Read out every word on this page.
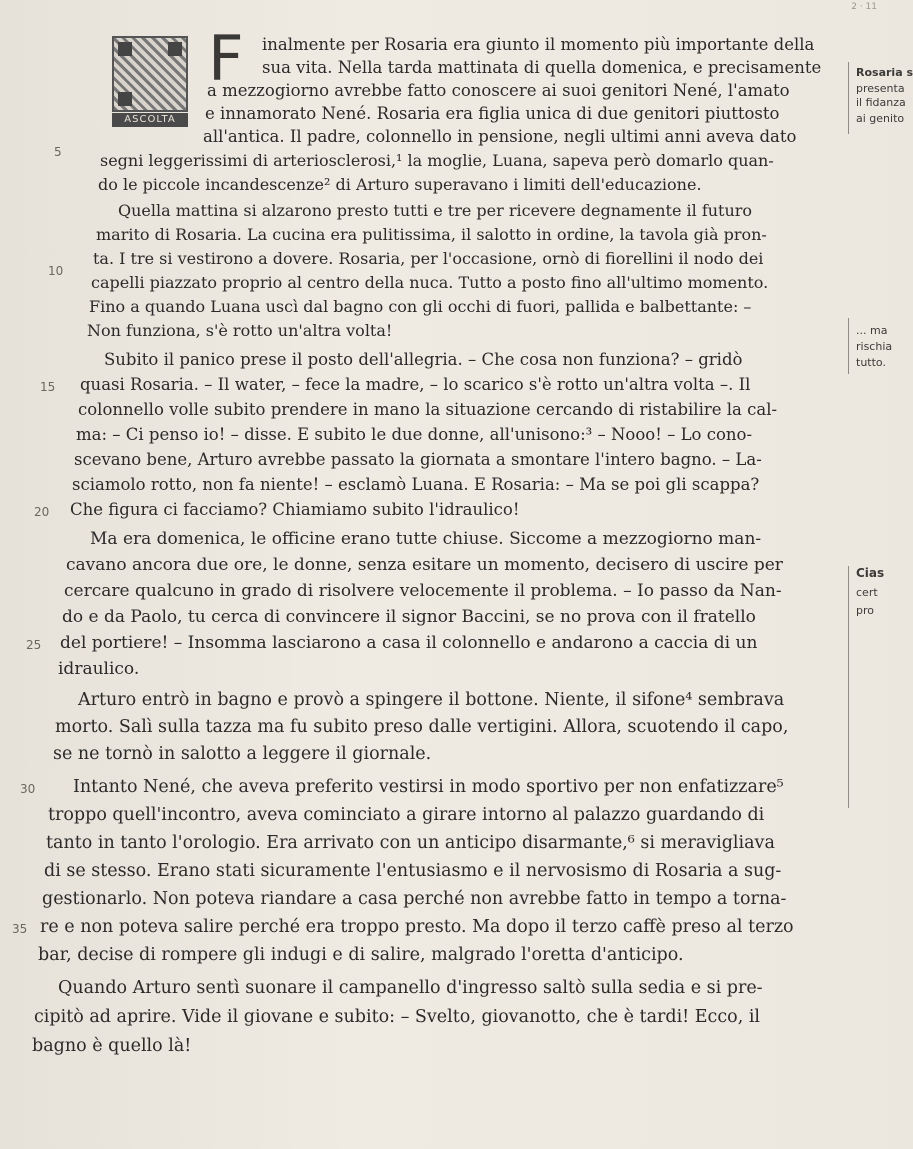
2 · 11
ASCOLTA
F inalmente per Rosaria era giunto il momento più importante della
sua vita. Nella tarda mattinata di quella domenica, e precisamente
a mezzogiorno avrebbe fatto conoscere ai suoi genitori Nené, l'amato
e innamorato Nené. Rosaria era figlia unica di due genitori piuttosto
all'antica. Il padre, colonnello in pensione, negli ultimi anni aveva dato
segni leggerissimi di arteriosclerosi,¹ la moglie, Luana, sapeva però domarlo quan-
do le piccole incandescenze² di Arturo superavano i limiti dell'educazione.
Quella mattina si alzarono presto tutti e tre per ricevere degnamente il futuro
marito di Rosaria. La cucina era pulitissima, il salotto in ordine, la tavola già pron-
ta. I tre si vestirono a dovere. Rosaria, per l'occasione, ornò di fiorellini il nodo dei
capelli piazzato proprio al centro della nuca. Tutto a posto fino all'ultimo momento.
Fino a quando Luana uscì dal bagno con gli occhi di fuori, pallida e balbettante: –
Non funziona, s'è rotto un'altra volta!
Subito il panico prese il posto dell'allegria. – Che cosa non funziona? – gridò
quasi Rosaria. – Il water, – fece la madre, – lo scarico s'è rotto un'altra volta –. Il
colonnello volle subito prendere in mano la situazione cercando di ristabilire la cal-
ma: – Ci penso io! – disse. E subito le due donne, all'unisono:³ – Nooo! – Lo cono-
scevano bene, Arturo avrebbe passato la giornata a smontare l'intero bagno. – La-
sciamolo rotto, non fa niente! – esclamò Luana. E Rosaria: – Ma se poi gli scappa?
Che figura ci facciamo? Chiamiamo subito l'idraulico!
Ma era domenica, le officine erano tutte chiuse. Siccome a mezzogiorno man-
cavano ancora due ore, le donne, senza esitare un momento, decisero di uscire per
cercare qualcuno in grado di risolvere velocemente il problema. – Io passo da Nan-
do e da Paolo, tu cerca di convincere il signor Baccini, se no prova con il fratello
del portiere! – Insomma lasciarono a casa il colonnello e andarono a caccia di un
idraulico.
Arturo entrò in bagno e provò a spingere il bottone. Niente, il sifone⁴ sembrava
morto. Salì sulla tazza ma fu subito preso dalle vertigini. Allora, scuotendo il capo,
se ne tornò in salotto a leggere il giornale.
Intanto Nené, che aveva preferito vestirsi in modo sportivo per non enfatizzare⁵
troppo quell'incontro, aveva cominciato a girare intorno al palazzo guardando di
tanto in tanto l'orologio. Era arrivato con un anticipo disarmante,⁶ si meravigliava
di se stesso. Erano stati sicuramente l'entusiasmo e il nervosismo di Rosaria a sug-
gestionarlo. Non poteva riandare a casa perché non avrebbe fatto in tempo a torna-
re e non poteva salire perché era troppo presto. Ma dopo il terzo caffè preso al terzo
bar, decise di rompere gli indugi e di salire, malgrado l'oretta d'anticipo.
Quando Arturo sentì suonare il campanello d'ingresso saltò sulla sedia e si pre-
cipitò ad aprire. Vide il giovane e subito: – Svelto, giovanotto, che è tardi! Ecco, il
bagno è quello là!
5
10
15
20
25
30
35
Rosaria s
presenta
il fidanza
ai genito
... ma
rischia
tutto.
Cias
cert
pro
